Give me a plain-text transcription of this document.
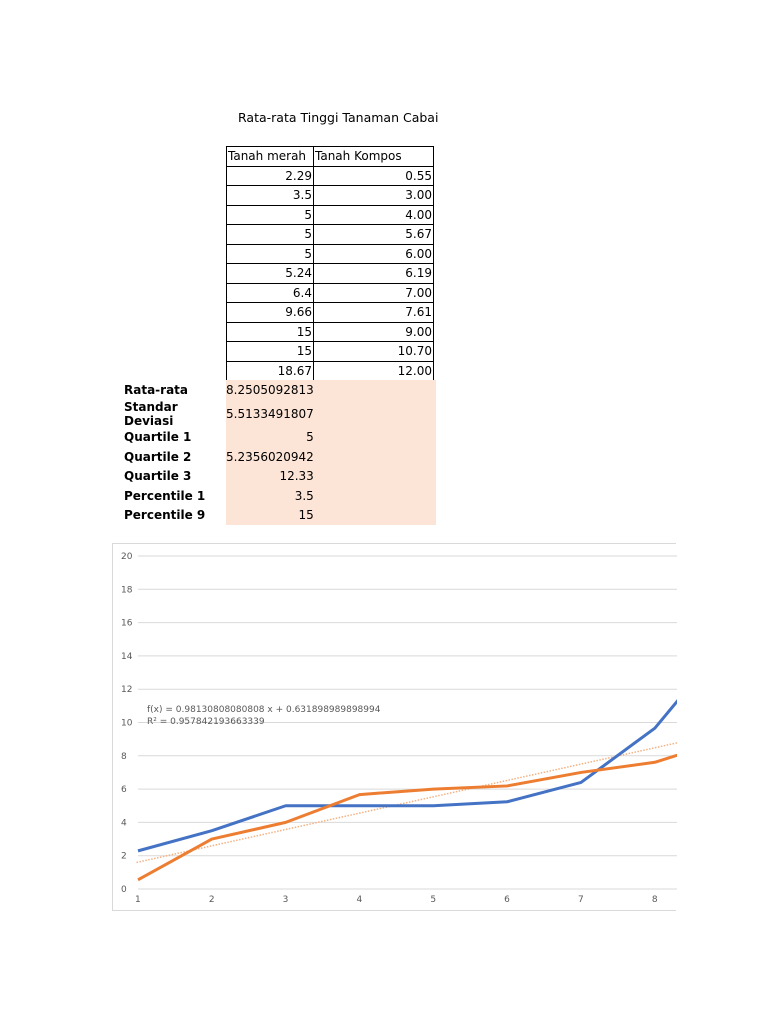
Rata-rata Tinggi Tanaman Cabai
Tanah merah	Tanah Kompos
2.29	0.55
3.5	3.00
5	4.00
5	5.67
5	6.00
5.24	6.19
6.4	7.00
9.66	7.61
15	9.00
15	10.70
18.67	12.00
Rata-rata	8.2505092813	
Standar Deviasi	5.5133491807	
Quartile 1	5	
Quartile 2	5.2356020942	
Quartile 3	12.33	
Percentile 1	3.5	
Percentile 9	15	
0
2
4
6
8
10
12
14
16
18
20
1	2	3	4	5	6	7	8
f(x) = 0.98130808080808 x + 0.631898989898994
R² = 0.957842193663339
